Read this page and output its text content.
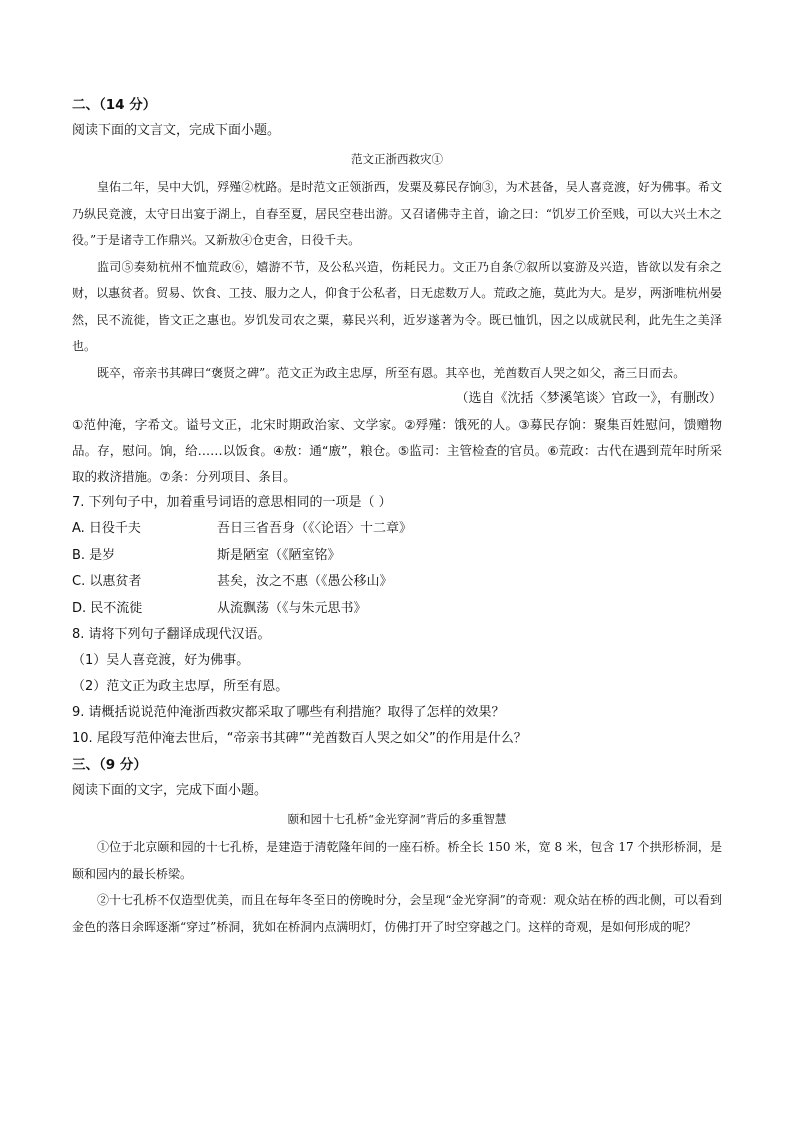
二、（14 分）
阅读下面的文言文，完成下面小题。
范文正浙西救灾①

皇佑二年，吴中大饥，殍殣②枕路。是时范文正领浙西，发粟及募民存饷③，为术甚备，吴人喜竞渡，好为佛事。希文乃纵民竞渡，太守日出宴于湖上，自春至夏，居民空巷出游。又召诸佛寺主首，谕之曰：“饥岁工价至贱，可以大兴土木之役。”于是诸寺工作鼎兴。又新敖④仓吏舍，日役千夫。

监司⑤奏劾杭州不恤荒政⑥，嬉游不节，及公私兴造，伤耗民力。文正乃自条⑦叙所以宴游及兴造，皆欲以发有余之财，以惠贫者。贸易、饮食、工技、服力之人，仰食于公私者，日无虑数万人。荒政之施，莫此为大。是岁，两浙唯杭州晏然，民不流徙，皆文正之惠也。岁饥发司农之粟，募民兴利，近岁遂著为令。既已恤饥，因之以成就民利，此先生之美泽也。

既卒，帝亲书其碑曰“褒贤之碑”。范文正为政主忠厚，所至有恩。其卒也，羌酋数百人哭之如父，斋三日而去。

（选自《沈括〈梦溪笔谈〉官政一》，有删改）

①范仲淹，字希文。谥号文正，北宋时期政治家、文学家。②殍殣：饿死的人。③募民存饷：聚集百姓慰问，馈赠物品。存，慰问。饷，给……以饭食。④敖：通“廒”，粮仓。⑤监司：主管检查的官员。⑥荒政：古代在遇到荒年时所采取的救济措施。⑦条：分列项目、条目。

7. 下列句子中，加着重号词语的意思相同的一项是（ ）
A. 日役千夫	吾日三省吾身（《〈论语〉十二章》
B. 是岁	斯是陋室（《陋室铭》
C. 以惠贫者	甚矣，汝之不惠（《愚公移山》
D. 民不流徙	从流飘荡（《与朱元思书》
8. 请将下列句子翻译成现代汉语。
（1）吴人喜竞渡，好为佛事。
（2）范文正为政主忠厚，所至有恩。
9. 请概括说说范仲淹浙西救灾都采取了哪些有利措施？取得了怎样的效果？
10. 尾段写范仲淹去世后，“帝亲书其碑”“羌酋数百人哭之如父”的作用是什么？
三、（9 分）
阅读下面的文字，完成下面小题。
颐和园十七孔桥“金光穿洞”背后的多重智慧

①位于北京颐和园的十七孔桥，是建造于清乾隆年间的一座石桥。桥全长 150 米，宽 8 米，包含 17 个拱形桥洞，是颐和园内的最长桥梁。

②十七孔桥不仅造型优美，而且在每年冬至日的傍晚时分，会呈现“金光穿洞”的奇观：观众站在桥的西北侧，可以看到金色的落日余晖逐渐“穿过”桥洞，犹如在桥洞内点满明灯，仿佛打开了时空穿越之门。这样的奇观，是如何形成的呢？
